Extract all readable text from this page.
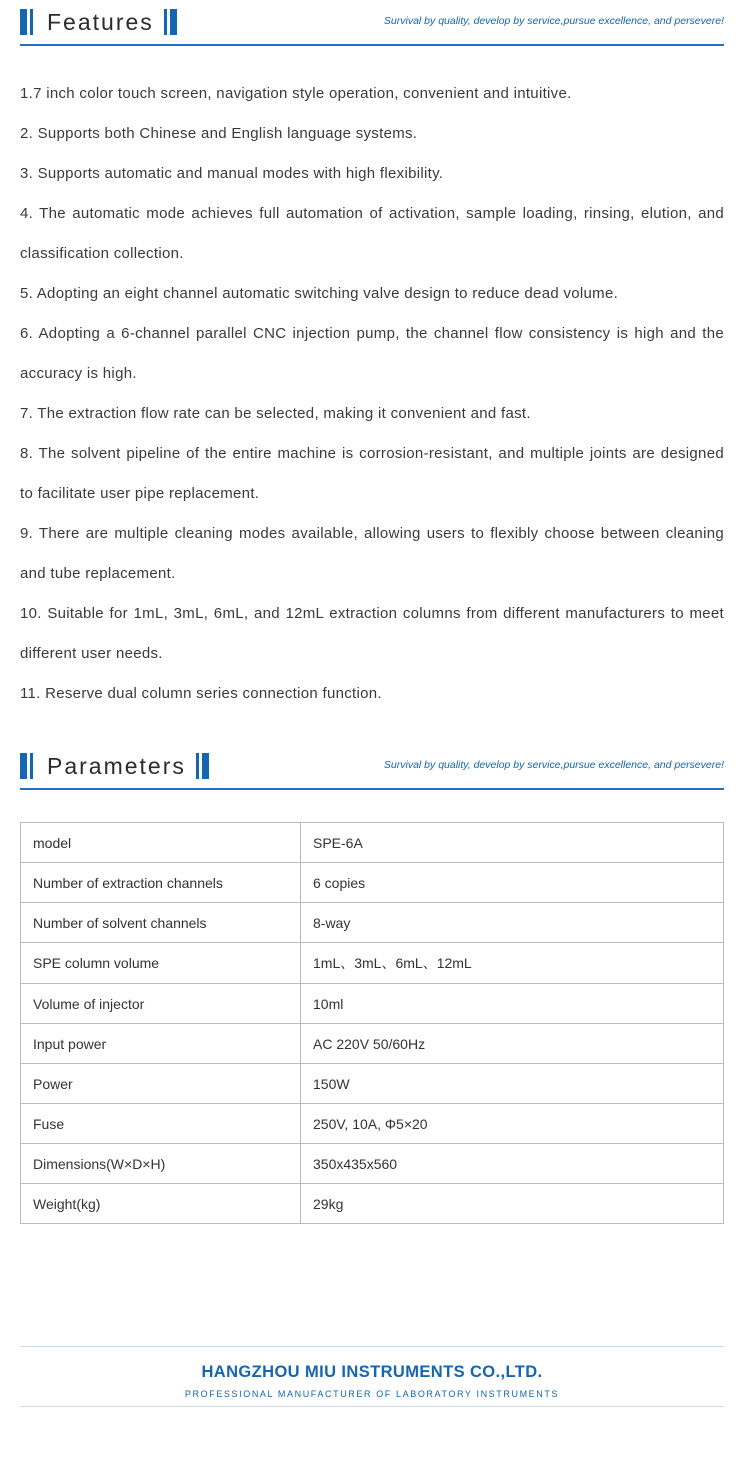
Features	Survival by quality, develop by service,pursue excellence, and persevere!
1.7 inch color touch screen, navigation style operation, convenient and intuitive.
2. Supports both Chinese and English language systems.
3. Supports automatic and manual modes with high flexibility.
4. The automatic mode achieves full automation of activation, sample loading, rinsing, elution, and classification collection.
5. Adopting an eight channel automatic switching valve design to reduce dead volume.
6. Adopting a 6-channel parallel CNC injection pump, the channel flow consistency is high and the accuracy is high.
7. The extraction flow rate can be selected, making it convenient and fast.
8. The solvent pipeline of the entire machine is corrosion-resistant, and multiple joints are designed to facilitate user pipe replacement.
9. There are multiple cleaning modes available, allowing users to flexibly choose between cleaning and tube replacement.
10. Suitable for 1mL, 3mL, 6mL, and 12mL extraction columns from different manufacturers to meet different user needs.
11. Reserve dual column series connection function.
Parameters	Survival by quality, develop by service,pursue excellence, and persevere!
model	SPE-6A
Number of extraction channels	6 copies
Number of solvent channels	8-way
SPE column volume	1mL、3mL、6mL、12mL
Volume of injector	10ml
Input power	AC 220V 50/60Hz
Power	150W
Fuse	250V, 10A, Φ5×20
Dimensions(W×D×H)	350x435x560
Weight(kg)	29kg
HANGZHOU MIU INSTRUMENTS CO.,LTD.
PROFESSIONAL MANUFACTURER OF LABORATORY INSTRUMENTS
